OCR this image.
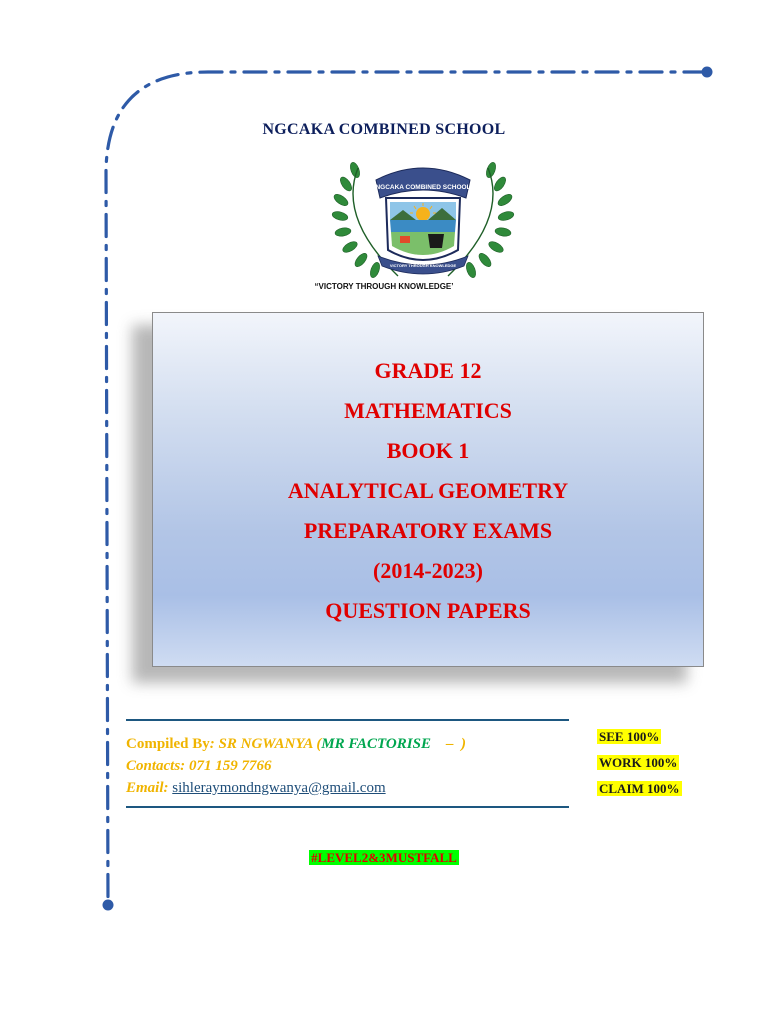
NGCAKA COMBINED SCHOOL
NGCAKA COMBINED SCHOOL
VICTORY THROUGH KNOWLEDGE
“VICTORY THROUGH KNOWLEDGE’
GRADE 12
MATHEMATICS
BOOK 1
ANALYTICAL GEOMETRY
PREPARATORY EXAMS
(2014-2023)
QUESTION PAPERS
Compiled By: SR NGWANYA (MR FACTORISE    –  )
Contacts: 071 159 7766
Email: sihleraymondngwanya@gmail.com
SEE 100%
WORK 100%
CLAIM 100%
#LEVEL2&3MUSTFALL
